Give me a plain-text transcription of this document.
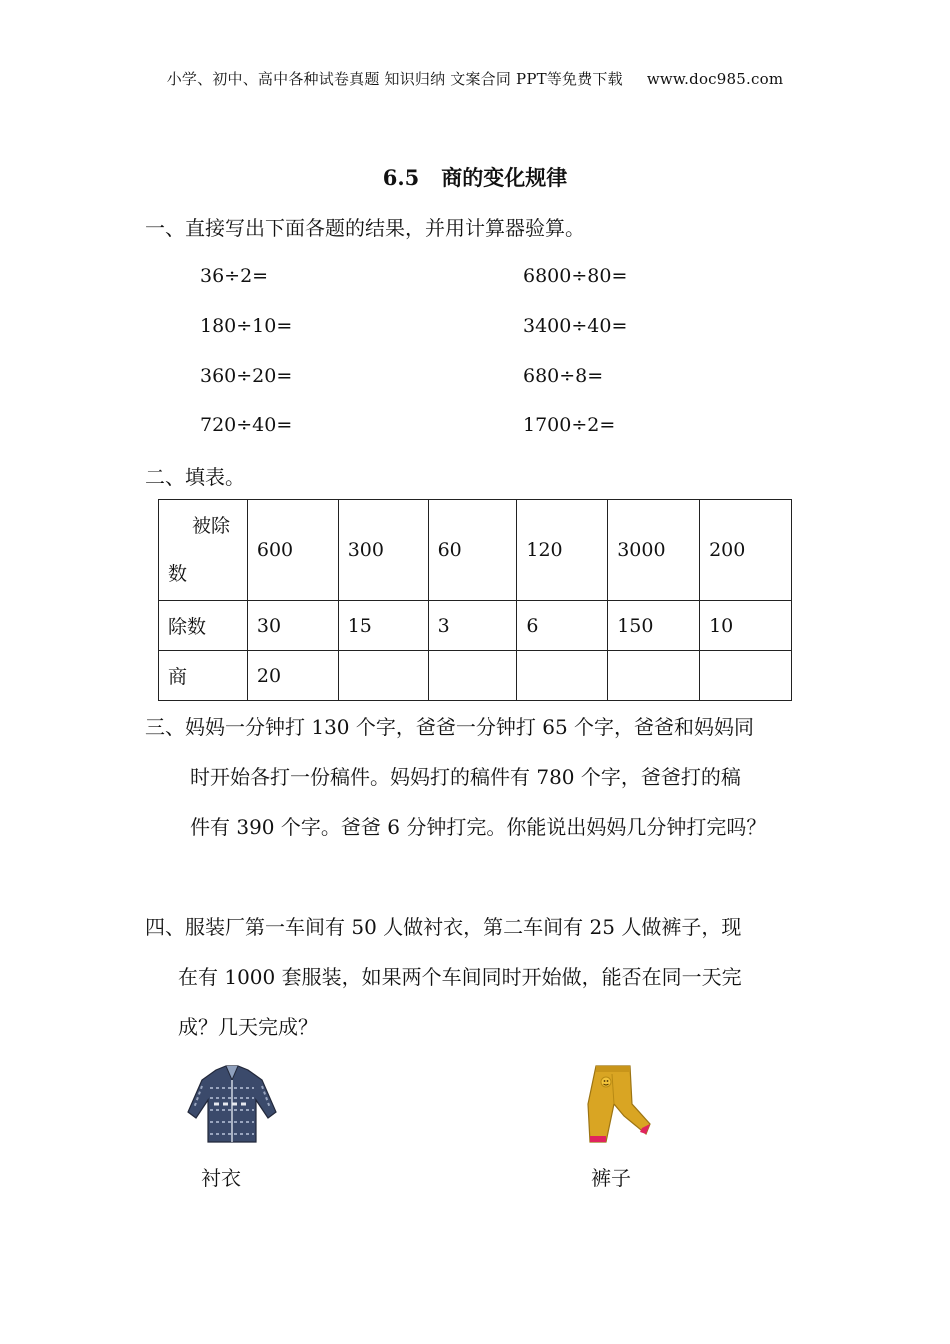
小学、初中、高中各种试卷真题 知识归纳 文案合同 PPT等免费下载 www.doc985.com
6.5 商的变化规律
一、直接写出下面各题的结果，并用计算器验算。
36÷2=	6800÷80=
180÷10=	3400÷40=
360÷20=	680÷8=
720÷40=	1700÷2=
二、填表。
被除
数	600	300	60	120	3000	200
除数	30	15	3	6	150	10
商	20					
三、妈妈一分钟打 130 个字，爸爸一分钟打 65 个字，爸爸和妈妈同
时开始各打一份稿件。妈妈打的稿件有 780 个字，爸爸打的稿
件有 390 个字。爸爸 6 分钟打完。你能说出妈妈几分钟打完吗？
四、服装厂第一车间有 50 人做衬衣，第二车间有 25 人做裤子，现
在有 1000 套服装，如果两个车间同时开始做，能否在同一天完
成？几天完成？
衬衣	裤子
